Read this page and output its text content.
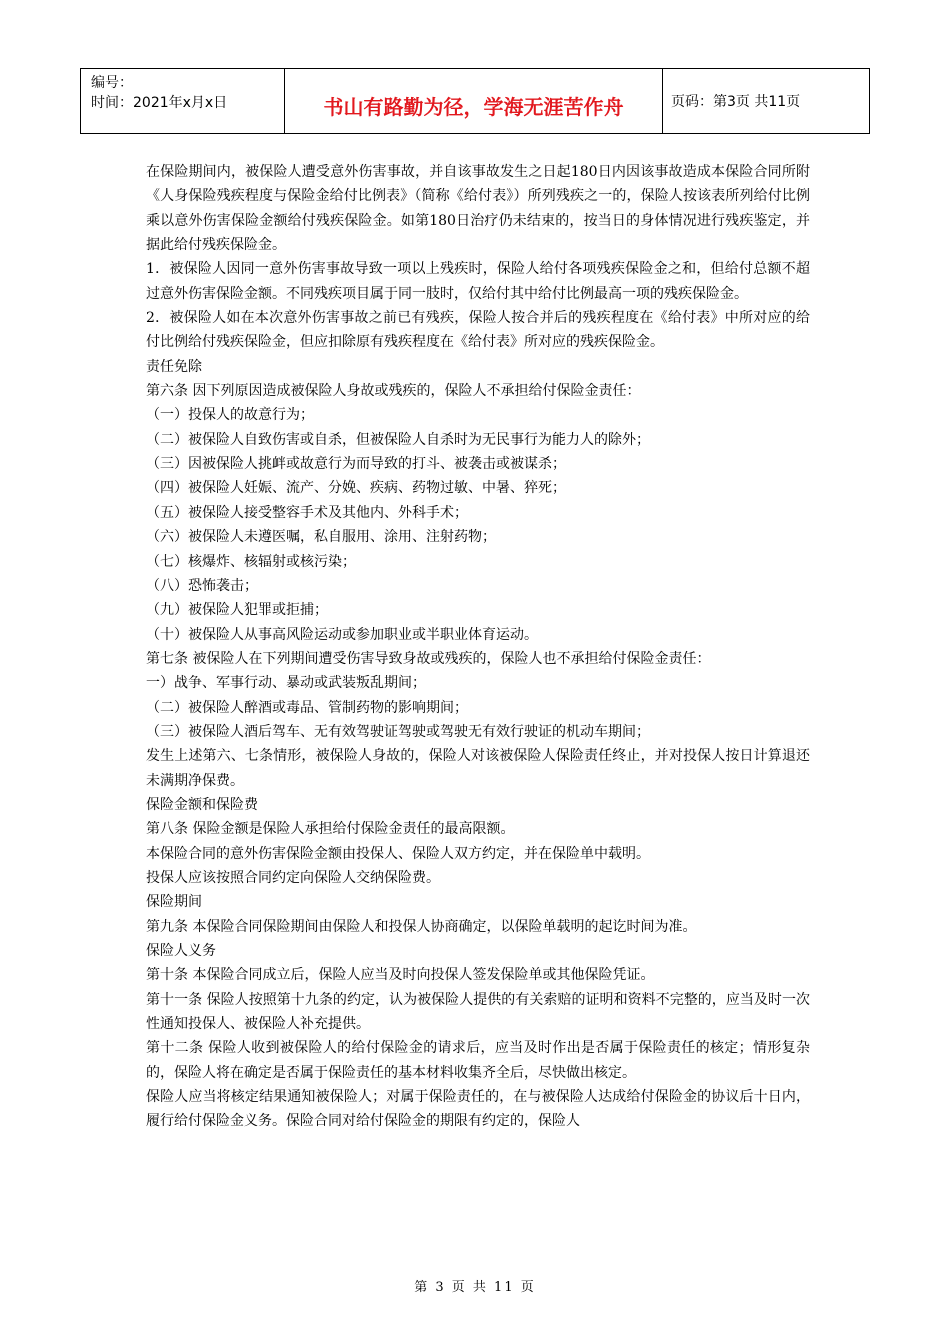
编号：
时间：2021年x月x日	书山有路勤为径，学海无涯苦作舟	页码：第3页 共11页

在保险期间内，被保险人遭受意外伤害事故，并自该事故发生之日起180日内因该事故造成本保险合同所附《人身保险残疾程度与保险金给付比例表》（简称《给付表》）所列残疾之一的，保险人按该表所列给付比例乘以意外伤害保险金额给付残疾保险金。如第180日治疗仍未结束的，按当日的身体情况进行残疾鉴定，并据此给付残疾保险金。

1．被保险人因同一意外伤害事故导致一项以上残疾时，保险人给付各项残疾保险金之和，但给付总额不超过意外伤害保险金额。不同残疾项目属于同一肢时，仅给付其中给付比例最高一项的残疾保险金。

2．被保险人如在本次意外伤害事故之前已有残疾，保险人按合并后的残疾程度在《给付表》中所对应的给付比例给付残疾保险金，但应扣除原有残疾程度在《给付表》所对应的残疾保险金。

责任免除

第六条 因下列原因造成被保险人身故或残疾的，保险人不承担给付保险金责任：

（一）投保人的故意行为；

（二）被保险人自致伤害或自杀，但被保险人自杀时为无民事行为能力人的除外；

（三）因被保险人挑衅或故意行为而导致的打斗、被袭击或被谋杀；

（四）被保险人妊娠、流产、分娩、疾病、药物过敏、中暑、猝死；

（五）被保险人接受整容手术及其他内、外科手术；

（六）被保险人未遵医嘱，私自服用、涂用、注射药物；

（七）核爆炸、核辐射或核污染；

（八）恐怖袭击；

（九）被保险人犯罪或拒捕；

（十）被保险人从事高风险运动或参加职业或半职业体育运动。

第七条 被保险人在下列期间遭受伤害导致身故或残疾的，保险人也不承担给付保险金责任：

一）战争、军事行动、暴动或武装叛乱期间；

（二）被保险人醉酒或毒品、管制药物的影响期间；

（三）被保险人酒后驾车、无有效驾驶证驾驶或驾驶无有效行驶证的机动车期间；

发生上述第六、七条情形，被保险人身故的，保险人对该被保险人保险责任终止，并对投保人按日计算退还未满期净保费。

保险金额和保险费

第八条 保险金额是保险人承担给付保险金责任的最高限额。

本保险合同的意外伤害保险金额由投保人、保险人双方约定，并在保险单中载明。

投保人应该按照合同约定向保险人交纳保险费。

保险期间

第九条 本保险合同保险期间由保险人和投保人协商确定，以保险单载明的起讫时间为准。

保险人义务

第十条 本保险合同成立后，保险人应当及时向投保人签发保险单或其他保险凭证。

第十一条 保险人按照第十九条的约定，认为被保险人提供的有关索赔的证明和资料不完整的，应当及时一次性通知投保人、被保险人补充提供。

第十二条 保险人收到被保险人的给付保险金的请求后，应当及时作出是否属于保险责任的核定；情形复杂的，保险人将在确定是否属于保险责任的基本材料收集齐全后，尽快做出核定。

保险人应当将核定结果通知被保险人；对属于保险责任的，在与被保险人达成给付保险金的协议后十日内，履行给付保险金义务。保险合同对给付保险金的期限有约定的，保险人

第 3 页 共 11 页
